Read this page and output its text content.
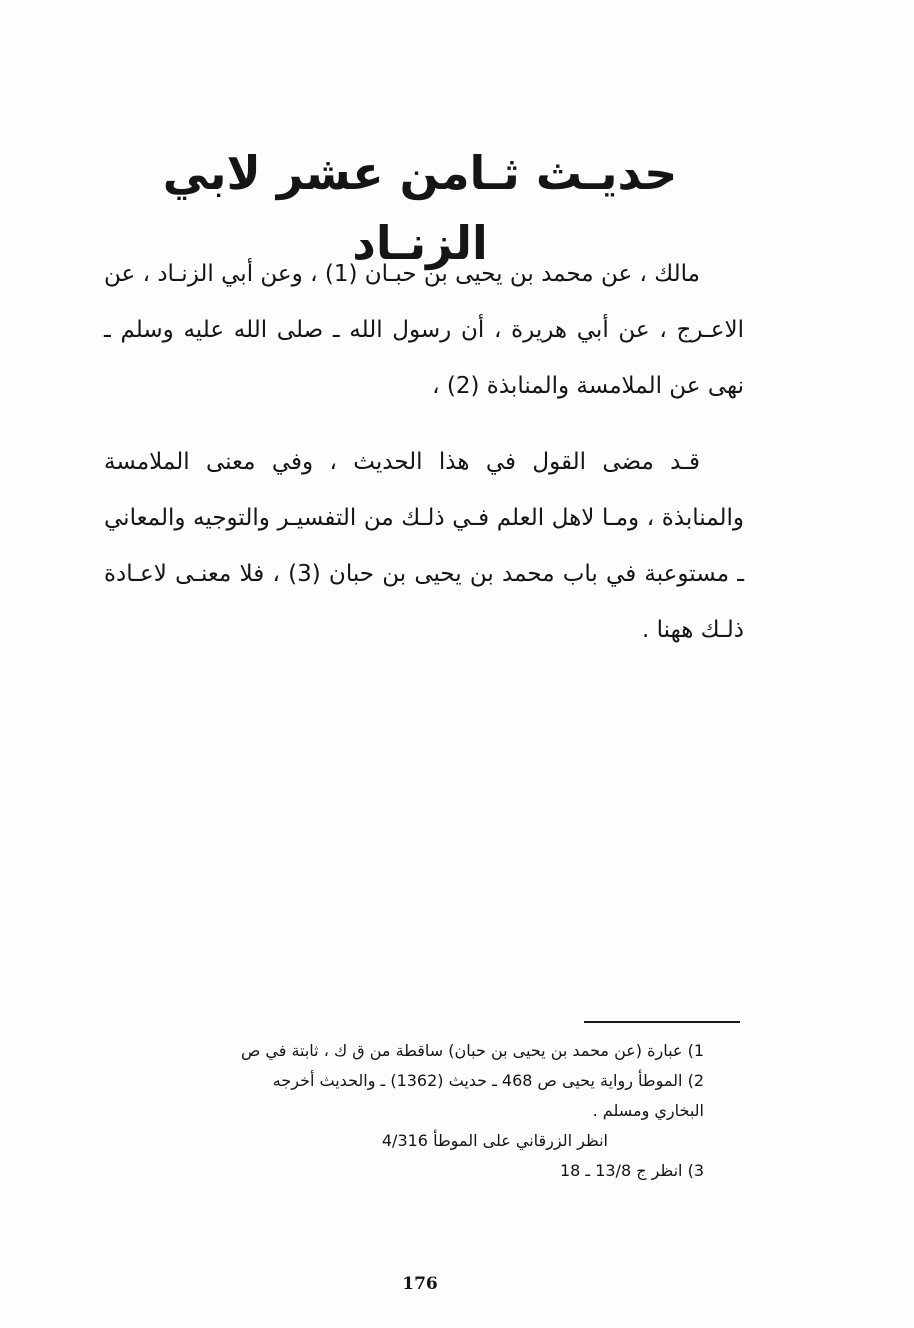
حديـث ثـامن عشر لابي الزنـاد

مالك ، عن محمد بن يحيى بن حبـان (1) ، وعن أبي الزنـاد ، عن الاعـرج ، عن أبي هريرة ، أن رسول الله ـ صلى الله عليه وسلم ـ نهى عن الملامسة والمنابذة (2) ،

قـد مضى القول في هذا الحديث ، وفي معنى الملامسة والمنابذة ، ومـا لاهل العلم فـي ذلـك من التفسيـر والتوجيه والمعاني ـ مستوعبة في باب محمد بن يحيى بن حبان (3) ، فلا معنـى لاعـادة ذلـك ههنا .

1) عبارة (عن محمد بن يحيى بن حبان) ساقطة من ق ك ، ثابتة في ص

2) الموطأ رواية يحيى ص 468 ـ حديث (1362) ـ والحديث أخرجه

البخاري ومسلم .

انظر الزرقاني على الموطأ 4/316

3) انظر ج 13/8 ـ 18

176
